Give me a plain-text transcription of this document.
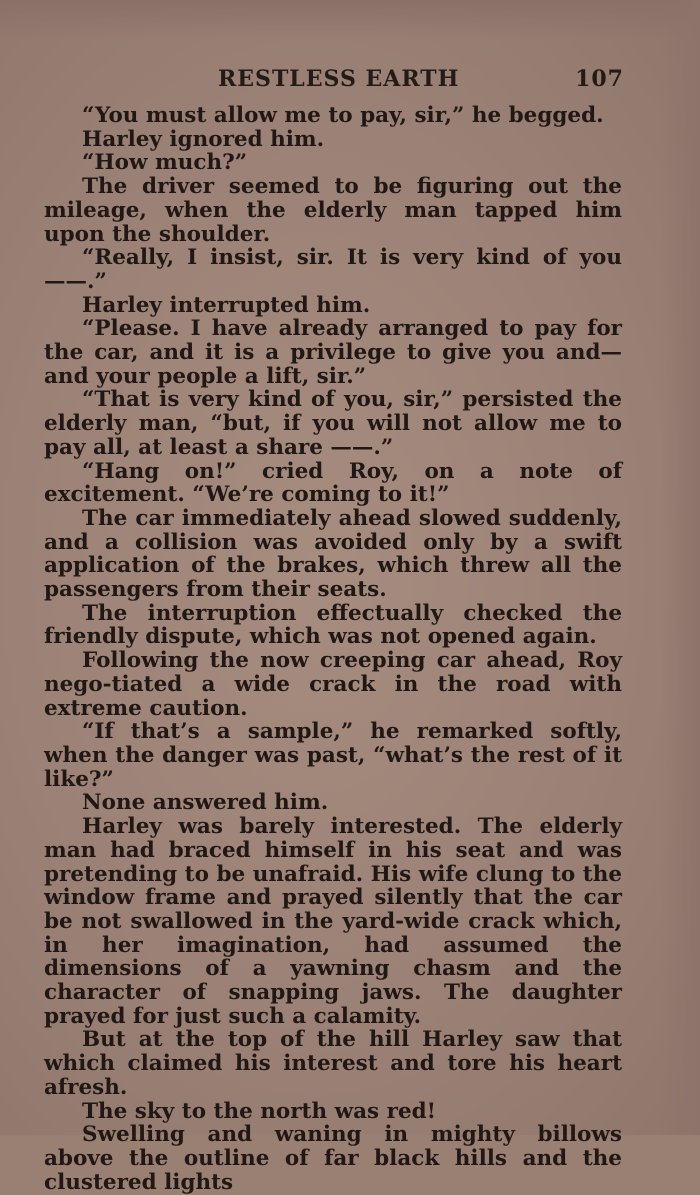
RESTLESS EARTH	107

“You must allow me to pay, sir,” he begged.

Harley ignored him.

“How much?”

The driver seemed to be figuring out the mileage, when the elderly man tapped him upon the shoulder.

“Really, I insist, sir. It is very kind of you ——.”

Harley interrupted him.

“Please. I have already arranged to pay for the car, and it is a privilege to give you and—and your people a lift, sir.”

“That is very kind of you, sir,” persisted the elderly man, “but, if you will not allow me to pay all, at least a share ——.”

“Hang on!” cried Roy, on a note of excitement. “We’re coming to it!”

The car immediately ahead slowed suddenly, and a collision was avoided only by a swift application of the brakes, which threw all the passengers from their seats.

The interruption effectually checked the friendly dispute, which was not opened again.

Following the now creeping car ahead, Roy nego-tiated a wide crack in the road with extreme caution.

“If that’s a sample,” he remarked softly, when the danger was past, “what’s the rest of it like?”

None answered him.

Harley was barely interested. The elderly man had braced himself in his seat and was pretending to be unafraid. His wife clung to the window frame and prayed silently that the car be not swallowed in the yard-wide crack which, in her imagination, had assumed the dimensions of a yawning chasm and the character of snapping jaws. The daughter prayed for just such a calamity.

But at the top of the hill Harley saw that which claimed his interest and tore his heart afresh.

The sky to the north was red!

Swelling and waning in mighty billows above the outline of far black hills and the clustered lights
